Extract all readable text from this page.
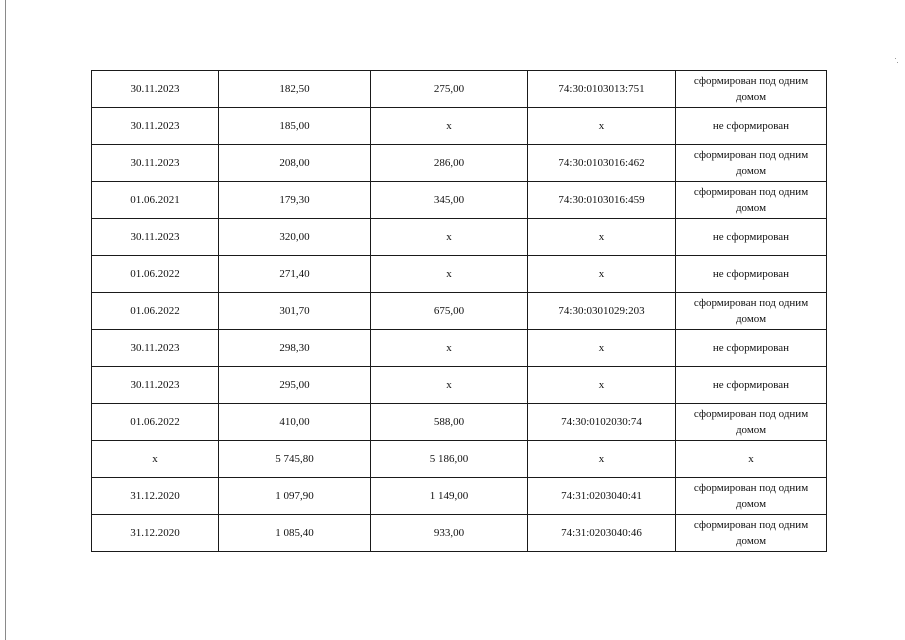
30.11.2023	182,50	275,00	74:30:0103013:751	сформирован под одним домом
30.11.2023	185,00	х	х	не сформирован
30.11.2023	208,00	286,00	74:30:0103016:462	сформирован под одним домом
01.06.2021	179,30	345,00	74:30:0103016:459	сформирован под одним домом
30.11.2023	320,00	х	х	не сформирован
01.06.2022	271,40	х	х	не сформирован
01.06.2022	301,70	675,00	74:30:0301029:203	сформирован под одним домом
30.11.2023	298,30	х	х	не сформирован
30.11.2023	295,00	х	х	не сформирован
01.06.2022	410,00	588,00	74:30:0102030:74	сформирован под одним домом
х	5 745,80	5 186,00	х	х
31.12.2020	1 097,90	1 149,00	74:31:0203040:41	сформирован под одним домом
31.12.2020	1 085,40	933,00	74:31:0203040:46	сформирован под одним домом
